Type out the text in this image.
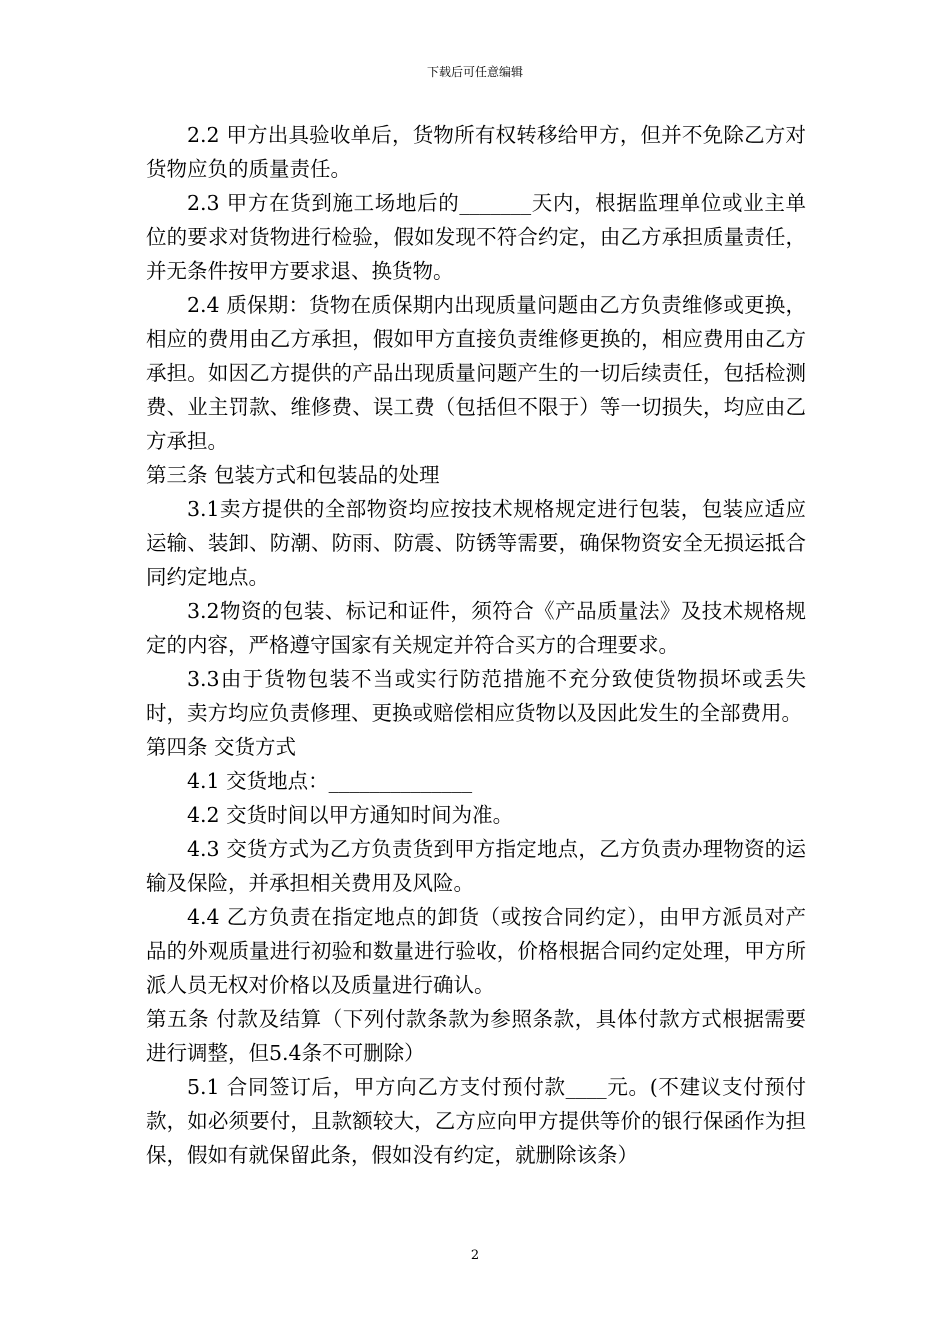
下载后可任意编辑

2.2 甲方出具验收单后，货物所有权转移给甲方，但并不免除乙方对货物应负的质量责任。

2.3 甲方在货到施工场地后的_______天内，根据监理单位或业主单位的要求对货物进行检验，假如发现不符合约定，由乙方承担质量责任，并无条件按甲方要求退、换货物。

2.4 质保期：货物在质保期内出现质量问题由乙方负责维修或更换，相应的费用由乙方承担，假如甲方直接负责维修更换的，相应费用由乙方承担。如因乙方提供的产品出现质量问题产生的一切后续责任，包括检测费、业主罚款、维修费、误工费（包括但不限于）等一切损失，均应由乙方承担。

第三条 包装方式和包装品的处理

3.1卖方提供的全部物资均应按技术规格规定进行包装，包装应适应运输、装卸、防潮、防雨、防震、防锈等需要，确保物资安全无损运抵合同约定地点。

3.2物资的包装、标记和证件，须符合《产品质量法》及技术规格规定的内容，严格遵守国家有关规定并符合买方的合理要求。

3.3由于货物包装不当或实行防范措施不充分致使货物损坏或丢失时，卖方均应负责修理、更换或赔偿相应货物以及因此发生的全部费用。

第四条 交货方式

4.1 交货地点：______________

4.2 交货时间以甲方通知时间为准。

4.3 交货方式为乙方负责货到甲方指定地点，乙方负责办理物资的运输及保险，并承担相关费用及风险。

4.4 乙方负责在指定地点的卸货（或按合同约定），由甲方派员对产品的外观质量进行初验和数量进行验收，价格根据合同约定处理，甲方所派人员无权对价格以及质量进行确认。

第五条 付款及结算（下列付款条款为参照条款，具体付款方式根据需要进行调整，但5.4条不可删除）

5.1 合同签订后，甲方向乙方支付预付款____元。(不建议支付预付款，如必须要付，且款额较大，乙方应向甲方提供等价的银行保函作为担保，假如有就保留此条，假如没有约定，就删除该条）

2
